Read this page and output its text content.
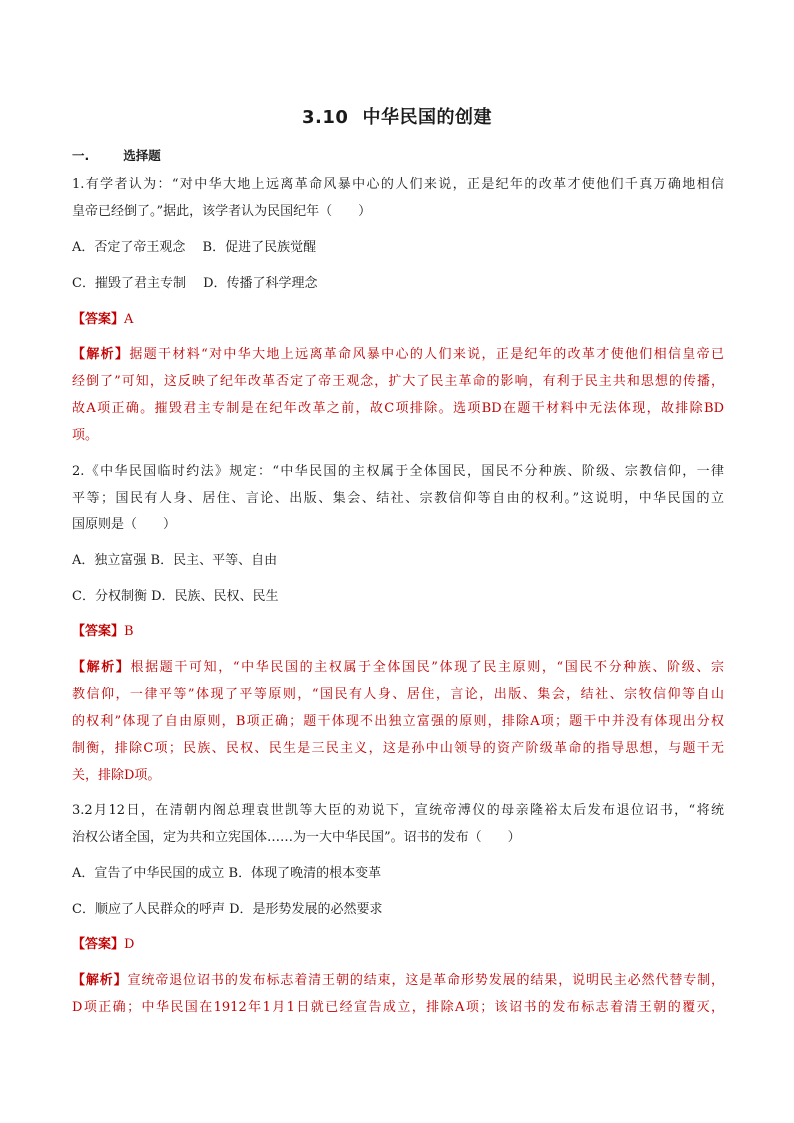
3.10 中华民国的创建
一.	选择题
1.有学者认为：“对中华大地上远离革命风暴中心的人们来说，正是纪年的改革才使他们千真万确地相信
皇帝已经倒了。”据此，该学者认为民国纪年（　　）
A．否定了帝王观念　 B．促进了民族觉醒
C．摧毁了君主专制　 D．传播了科学理念
【答案】A
【解析】据题干材料“对中华大地上远离革命风暴中心的人们来说，正是纪年的改革才使他们相信皇帝已
经倒了”可知，这反映了纪年改革否定了帝王观念，扩大了民主革命的影响，有利于民主共和思想的传播，
故A项正确。摧毁君主专制是在纪年改革之前，故C项排除。选项BD在题干材料中无法体现，故排除BD
项。
2.《中华民国临时约法》规定：“中华民国的主权属于全体国民，国民不分种族、阶级、宗教信仰，一律
平等；国民有人身、居住、言论、出版、集会、结社、宗教信仰等自由的权利。”这说明，中华民国的立
国原则是（　　）
A．独立富强 B．民主、平等、自由
C．分权制衡 D．民族、民权、民生
【答案】B
【解析】根据题干可知，“中华民国的主权属于全体国民”体现了民主原则，“国民不分种族、阶级、宗
教信仰，一律平等”体现了平等原则，“国民有人身、居住，言论，出版、集会，结社、宗牧信仰等自山
的权利”体现了自由原则，B项正确；题干体现不出独立富强的原则，排除A项；题干中并没有体现出分权
制衡，排除C项；民族、民权、民生是三民主义，这是孙中山领导的资产阶级革命的指导思想，与题干无
关，排除D项。
3.2月12日，在清朝内阁总理袁世凯等大臣的劝说下，宣统帝溥仪的母亲隆裕太后发布退位诏书，“将统
治权公诸全国，定为共和立宪国体……为一大中华民国”。诏书的发布（　　）
A．宣告了中华民国的成立 B．体现了晚清的根本变革
C．顺应了人民群众的呼声 D．是形势发展的必然要求
【答案】D
【解析】宣统帝退位诏书的发布标志着清王朝的结束，这是革命形势发展的结果，说明民主必然代替专制，
D项正确；中华民国在1912年1月1日就已经宣告成立，排除A项；该诏书的发布标志着清王朝的覆灭，
